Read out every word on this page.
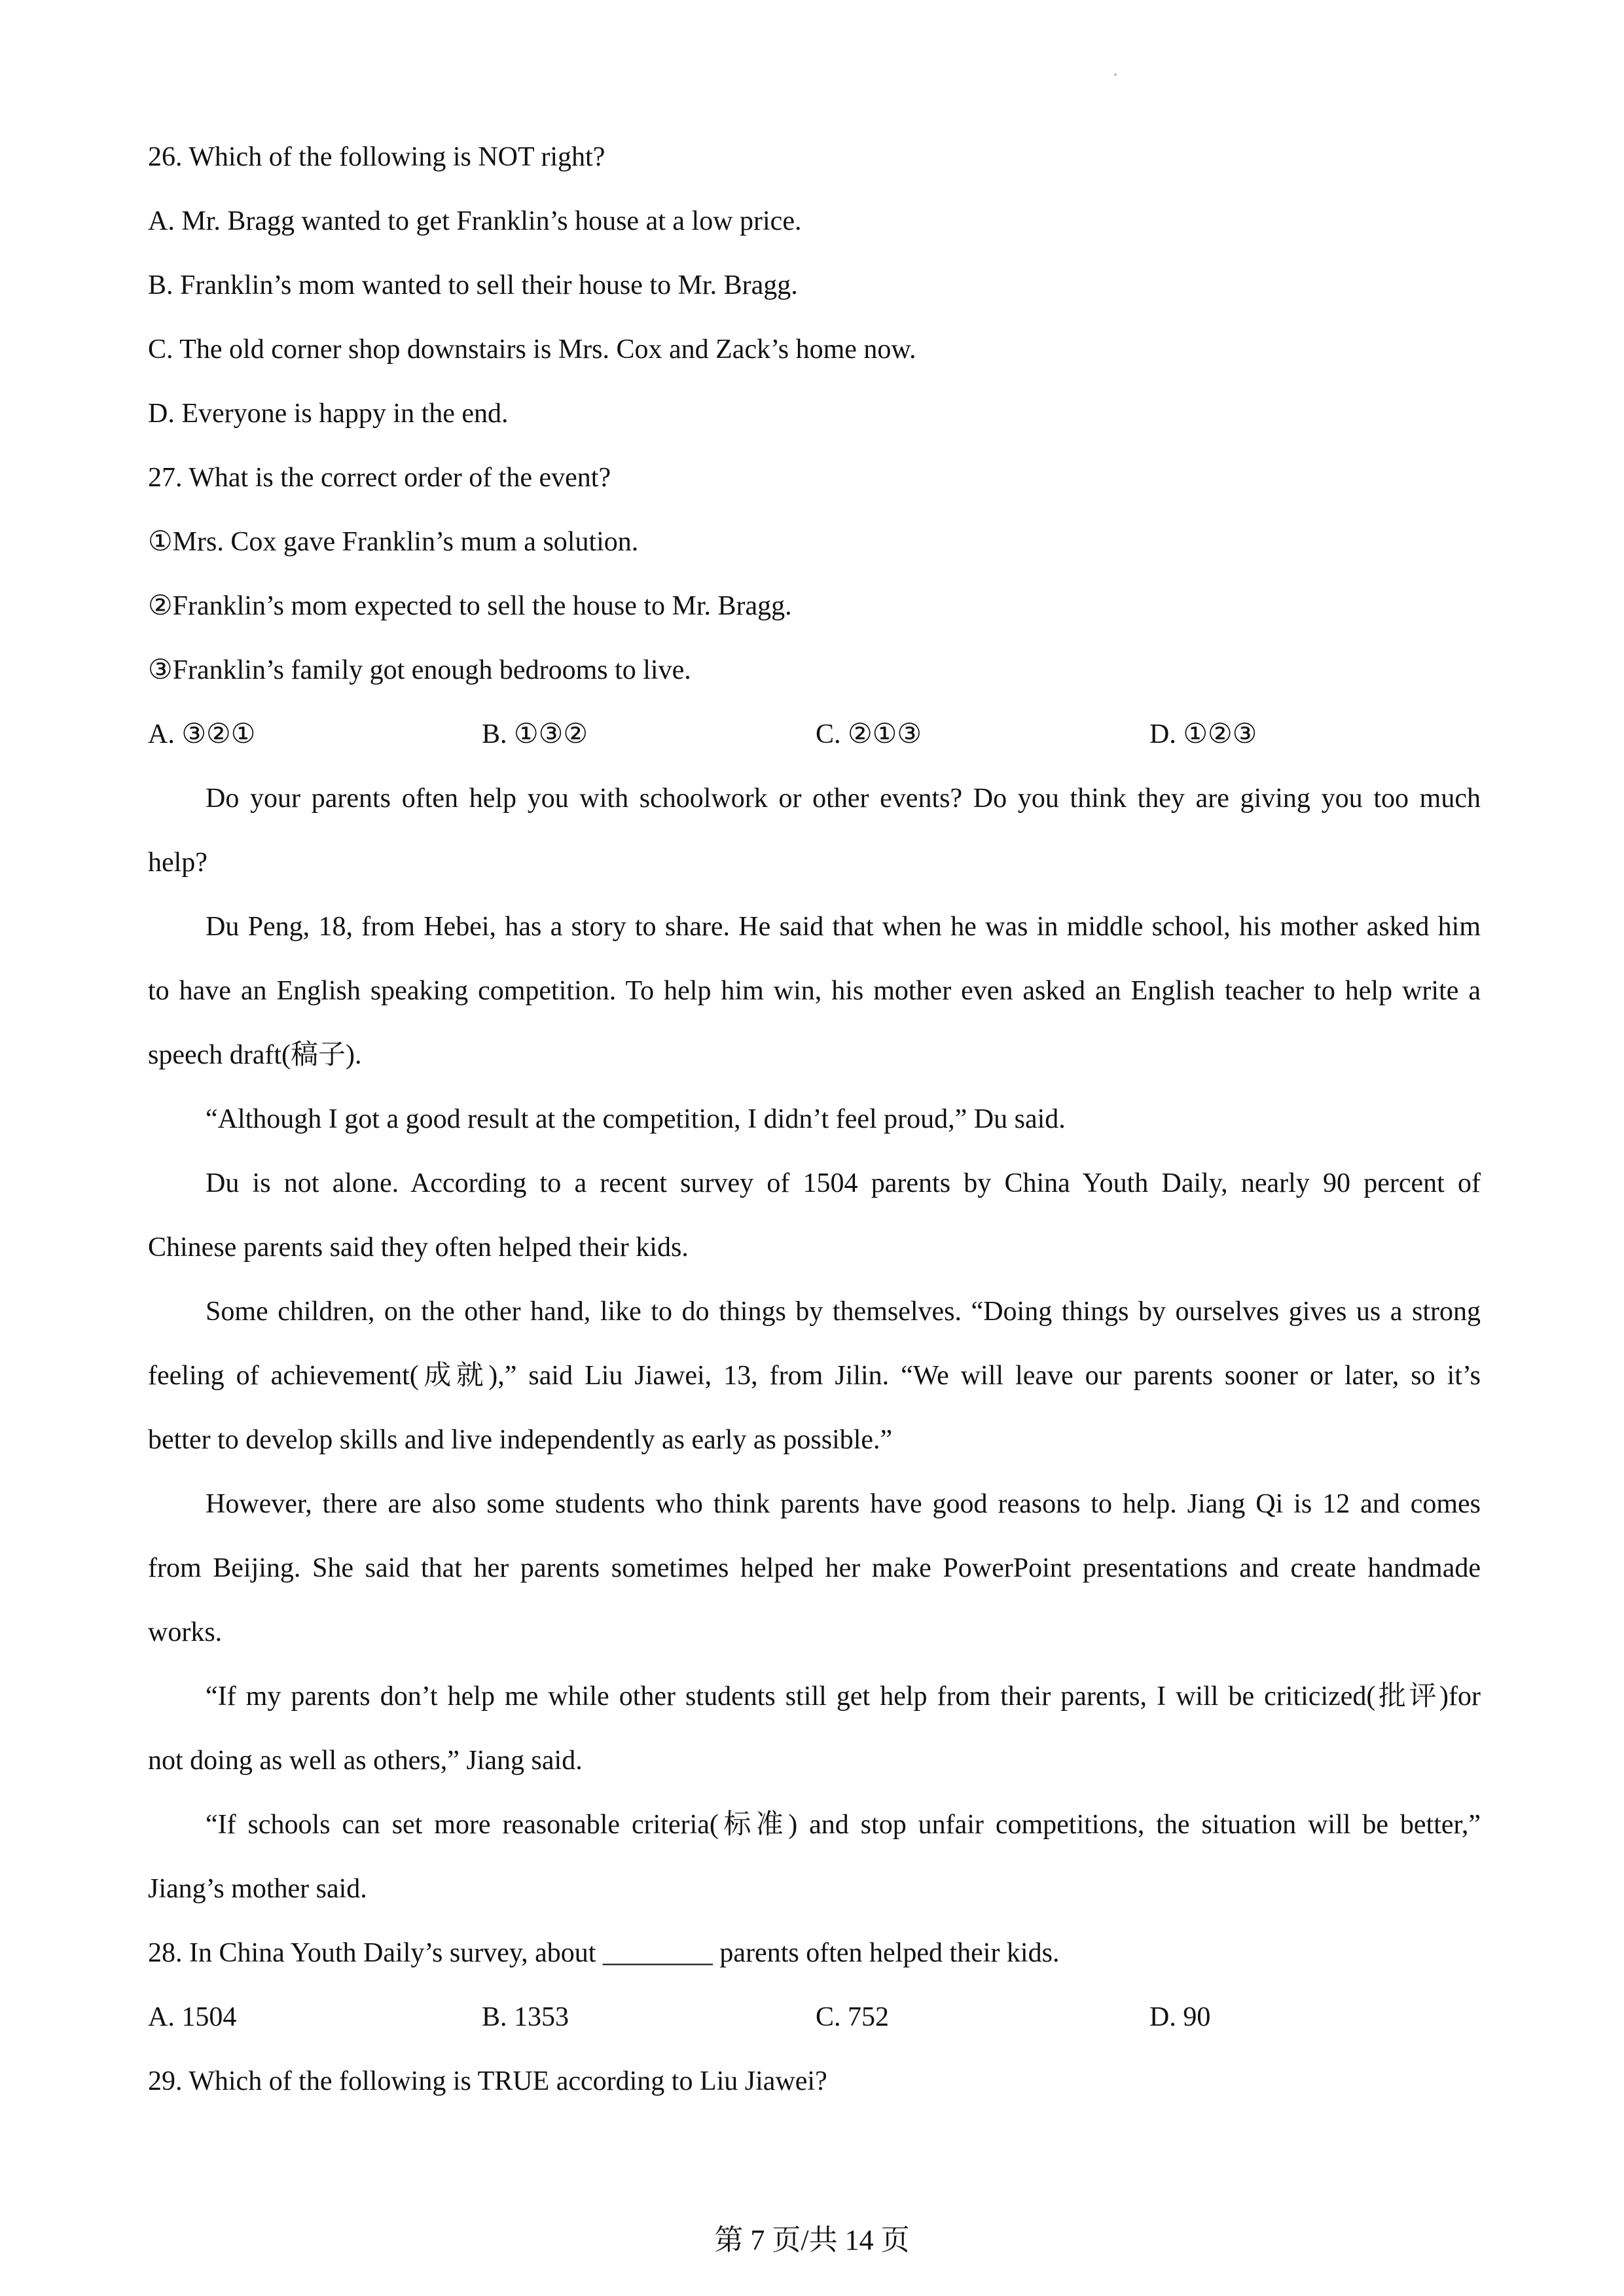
26. Which of the following is NOT right?
A. Mr. Bragg wanted to get Franklin’s house at a low price.
B. Franklin’s mom wanted to sell their house to Mr. Bragg.
C. The old corner shop downstairs is Mrs. Cox and Zack’s home now.
D. Everyone is happy in the end.
27. What is the correct order of the event?
①Mrs. Cox gave Franklin’s mum a solution.
②Franklin’s mom expected to sell the house to Mr. Bragg.
③Franklin’s family got enough bedrooms to live.
A. ③②①	B. ①③②	C. ②①③	D. ①②③
Do your parents often help you with schoolwork or other events? Do you think they are giving you too much
help?
Du Peng, 18, from Hebei, has a story to share. He said that when he was in middle school, his mother asked him
to have an English speaking competition. To help him win, his mother even asked an English teacher to help write a
speech draft(稿子).
“Although I got a good result at the competition, I didn’t feel proud,” Du said.
Du is not alone. According to a recent survey of 1504 parents by China Youth Daily, nearly 90 percent of
Chinese parents said they often helped their kids.
Some children, on the other hand, like to do things by themselves. “Doing things by ourselves gives us a strong
feeling of achievement(成就),” said Liu Jiawei, 13, from Jilin. “We will leave our parents sooner or later, so it’s
better to develop skills and live independently as early as possible.”
However, there are also some students who think parents have good reasons to help. Jiang Qi is 12 and comes
from Beijing. She said that her parents sometimes helped her make PowerPoint presentations and create handmade
works.
“If my parents don’t help me while other students still get help from their parents, I will be criticized(批评)for
not doing as well as others,” Jiang said.
“If schools can set more reasonable criteria(标准) and stop unfair competitions, the situation will be better,”
Jiang’s mother said.
28. In China Youth Daily’s survey, about ________ parents often helped their kids.
A. 1504	B. 1353	C. 752	D. 90
29. Which of the following is TRUE according to Liu Jiawei?
第 7 页/共 14 页
